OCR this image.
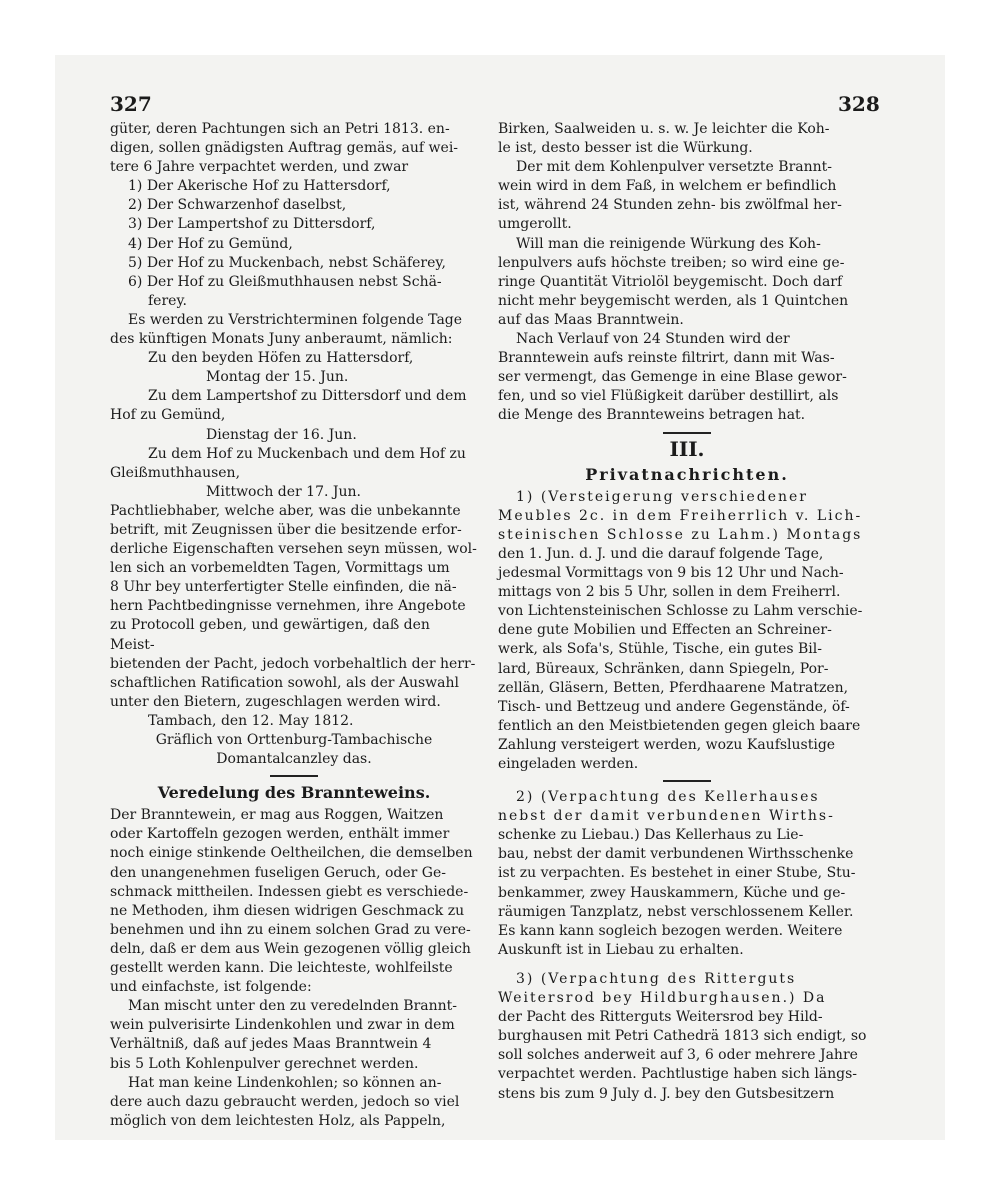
327	328
güter, deren Pachtungen sich an Petri 1813. en-
digen, sollen gnädigsten Auftrag gemäs, auf wei-
tere 6 Jahre verpachtet werden, und zwar
1) Der Akerische Hof zu Hattersdorf,
2) Der Schwarzenhof daselbst,
3) Der Lampertshof zu Dittersdorf,
4) Der Hof zu Gemünd,
5) Der Hof zu Muckenbach, nebst Schäferey,
6) Der Hof zu Gleißmuthhausen nebst Schä-
ferey.
Es werden zu Verstrichterminen folgende Tage
des künftigen Monats Juny anberaumt, nämlich:
Zu den beyden Höfen zu Hattersdorf,
Montag der 15. Jun.
Zu dem Lampertshof zu Dittersdorf und dem
Hof zu Gemünd,
Dienstag der 16. Jun.
Zu dem Hof zu Muckenbach und dem Hof zu
Gleißmuthhausen,
Mittwoch der 17. Jun.
Pachtliebhaber, welche aber, was die unbekannte
betrift, mit Zeugnissen über die besitzende erfor-
derliche Eigenschaften versehen seyn müssen, wol-
len sich an vorbemeldten Tagen, Vormittags um
8 Uhr bey unterfertigter Stelle einfinden, die nä-
hern Pachtbedingnisse vernehmen, ihre Angebote
zu Protocoll geben, und gewärtigen, daß den Meist-
bietenden der Pacht, jedoch vorbehaltlich der herr-
schaftlichen Ratification sowohl, als der Auswahl
unter den Bietern, zugeschlagen werden wird.
Tambach, den 12. May 1812.
Gräflich von Orttenburg-Tambachische
Domantalcanzley das.
Veredelung des Brannteweins.
Der Branntewein, er mag aus Roggen, Waitzen
oder Kartoffeln gezogen werden, enthält immer
noch einige stinkende Oeltheilchen, die demselben
den unangenehmen fuseligen Geruch, oder Ge-
schmack mittheilen. Indessen giebt es verschiede-
ne Methoden, ihm diesen widrigen Geschmack zu
benehmen und ihn zu einem solchen Grad zu vere-
deln, daß er dem aus Wein gezogenen völlig gleich
gestellt werden kann. Die leichteste, wohlfeilste
und einfachste, ist folgende:
Man mischt unter den zu veredelnden Brannt-
wein pulverisirte Lindenkohlen und zwar in dem
Verhältniß, daß auf jedes Maas Branntwein 4
bis 5 Loth Kohlenpulver gerechnet werden.
Hat man keine Lindenkohlen; so können an-
dere auch dazu gebraucht werden, jedoch so viel
möglich von dem leichtesten Holz, als Pappeln,
Birken, Saalweiden u. s. w. Je leichter die Koh-
le ist, desto besser ist die Würkung.
Der mit dem Kohlenpulver versetzte Brannt-
wein wird in dem Faß, in welchem er befindlich
ist, während 24 Stunden zehn- bis zwölfmal her-
umgerollt.
Will man die reinigende Würkung des Koh-
lenpulvers aufs höchste treiben; so wird eine ge-
ringe Quantität Vitriolöl beygemischt. Doch darf
nicht mehr beygemischt werden, als 1 Quintchen
auf das Maas Branntwein.
Nach Verlauf von 24 Stunden wird der
Branntewein aufs reinste filtrirt, dann mit Was-
ser vermengt, das Gemenge in eine Blase gewor-
fen, und so viel Flüßigkeit darüber destillirt, als
die Menge des Brannteweins betragen hat.
III.
Privatnachrichten.
1) (Versteigerung verschiedener
Meubles 2c. in dem Freiherrlich v. Lich-
steinischen Schlosse zu Lahm.) Montags
den 1. Jun. d. J. und die darauf folgende Tage,
jedesmal Vormittags von 9 bis 12 Uhr und Nach-
mittags von 2 bis 5 Uhr, sollen in dem Freiherrl.
von Lichtensteinischen Schlosse zu Lahm verschie-
dene gute Mobilien und Effecten an Schreiner-
werk, als Sofa's, Stühle, Tische, ein gutes Bil-
lard, Büreaux, Schränken, dann Spiegeln, Por-
zellän, Gläsern, Betten, Pferdhaarene Matratzen,
Tisch- und Bettzeug und andere Gegenstände, öf-
fentlich an den Meistbietenden gegen gleich baare
Zahlung versteigert werden, wozu Kaufslustige
eingeladen werden.
2) (Verpachtung des Kellerhauses
nebst der damit verbundenen Wirths-
schenke zu Liebau.) Das Kellerhaus zu Lie-
bau, nebst der damit verbundenen Wirthsschenke
ist zu verpachten. Es bestehet in einer Stube, Stu-
benkammer, zwey Hauskammern, Küche und ge-
räumigen Tanzplatz, nebst verschlossenem Keller.
Es kann kann sogleich bezogen werden. Weitere
Auskunft ist in Liebau zu erhalten.
3) (Verpachtung des Ritterguts
Weitersrod bey Hildburghausen.) Da
der Pacht des Ritterguts Weitersrod bey Hild-
burghausen mit Petri Cathedrä 1813 sich endigt, so
soll solches anderweit auf 3, 6 oder mehrere Jahre
verpachtet werden. Pachtlustige haben sich längs-
stens bis zum 9 July d. J. bey den Gutsbesitzern
